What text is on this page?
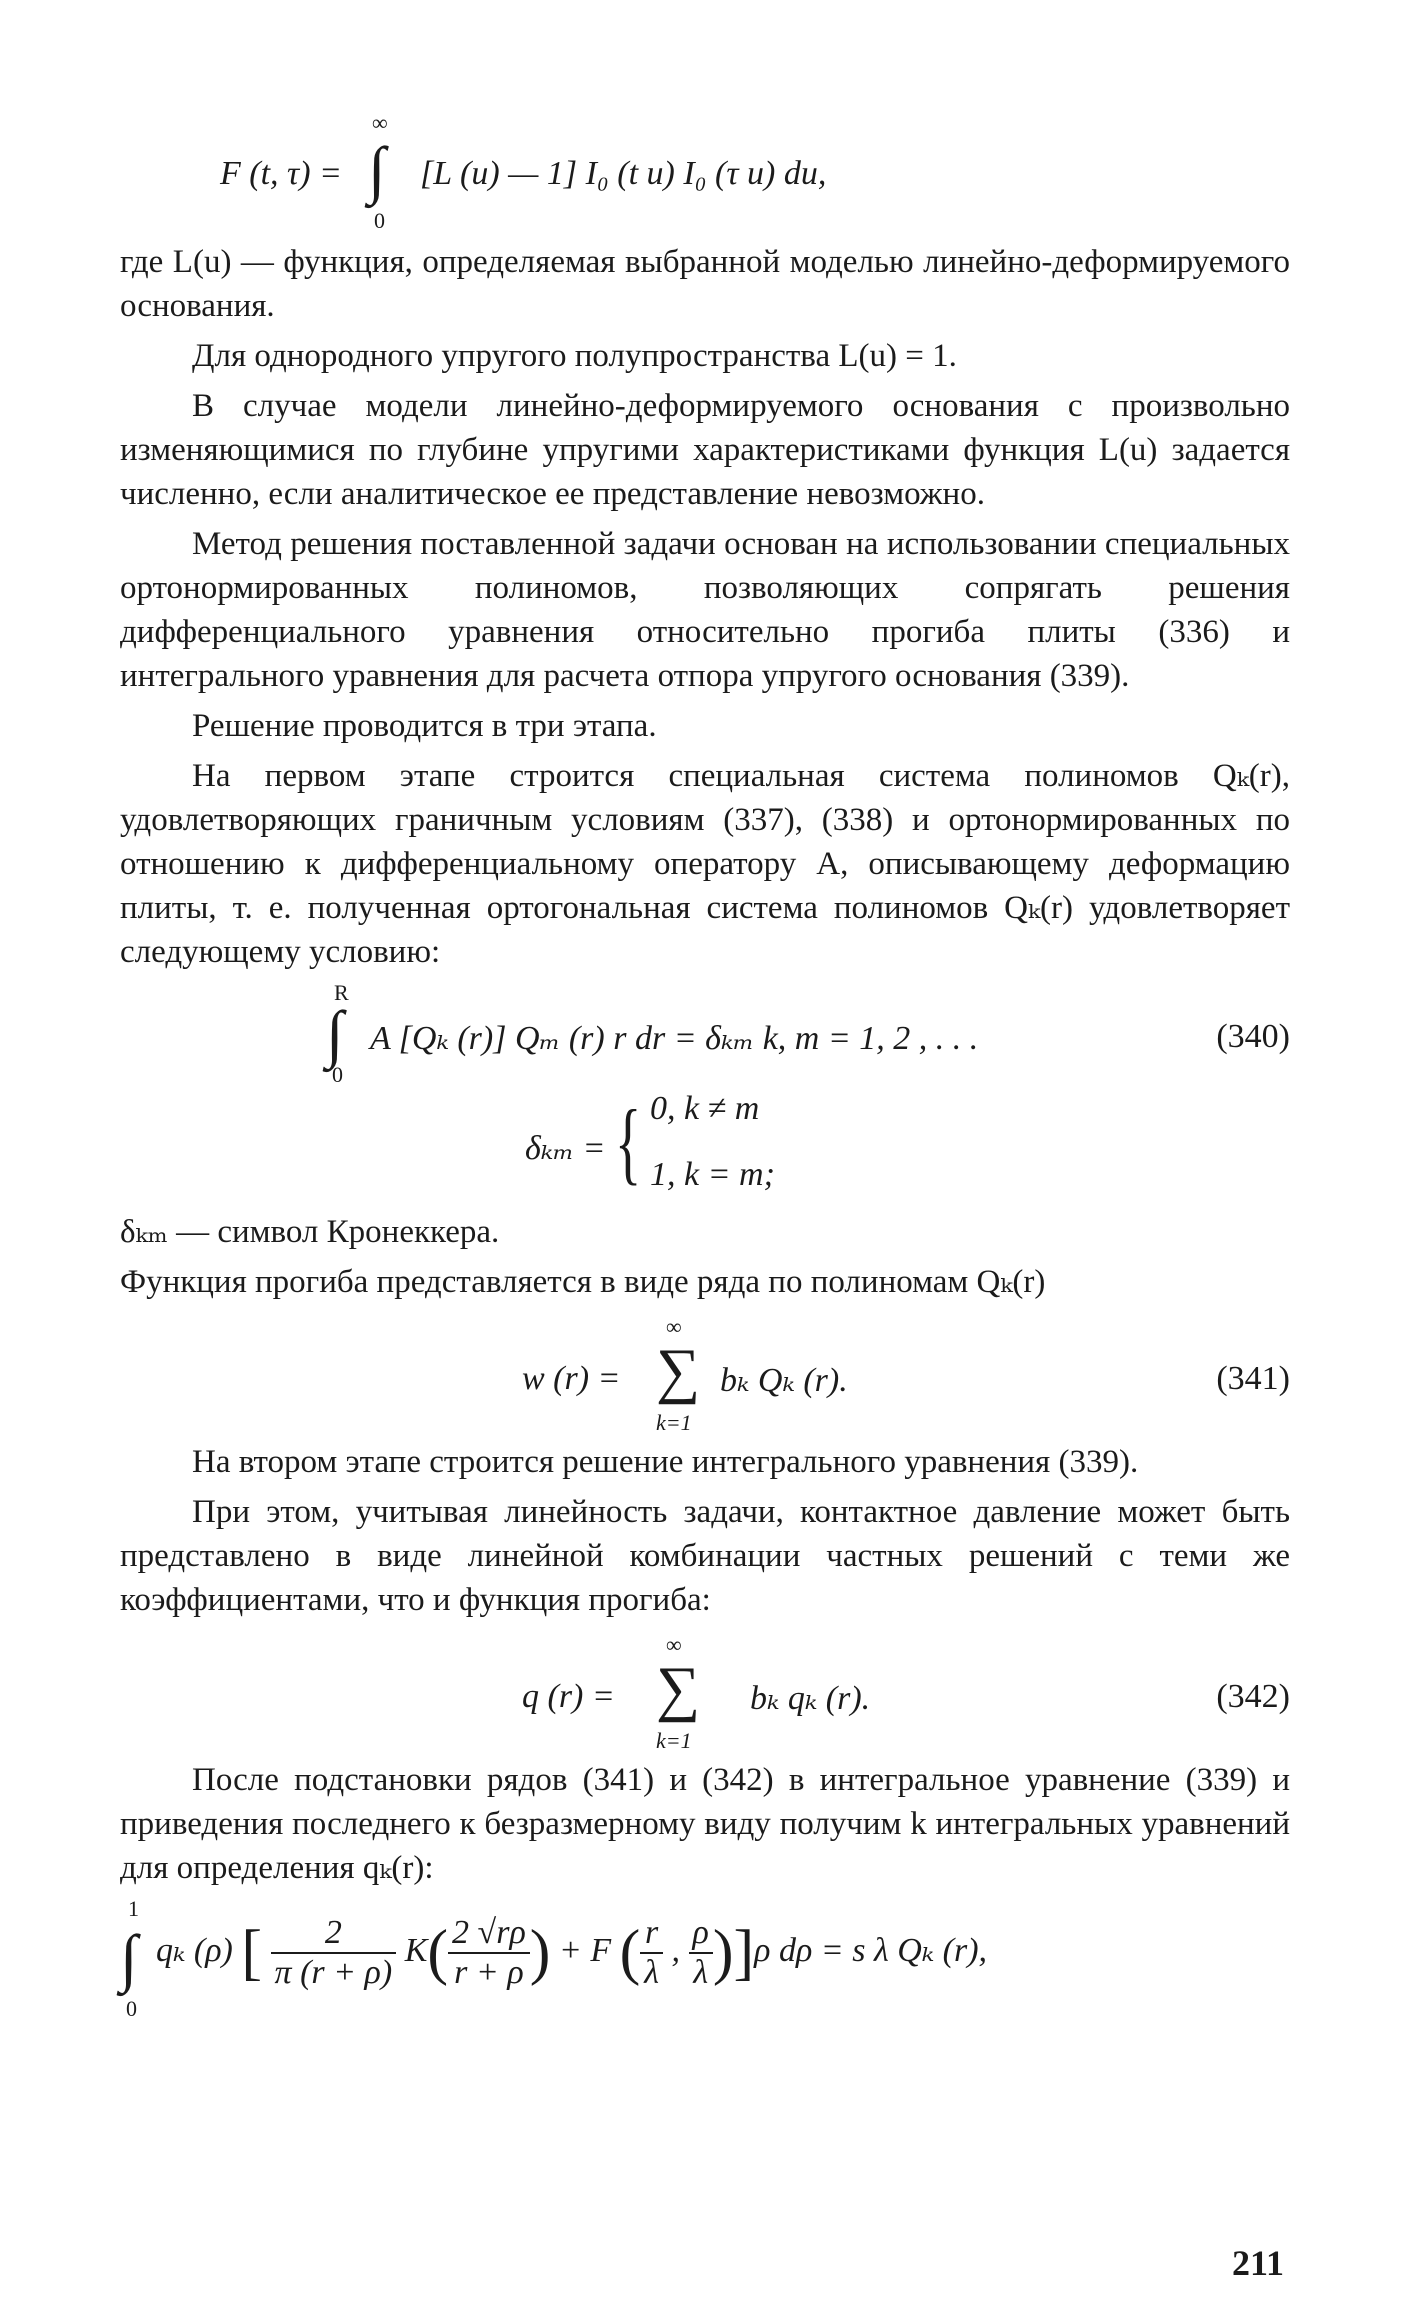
F (t, τ) =
∞
∫
0
[L (u) — 1] I₀ (t u) I₀ (τ u) du,

где L(u) — функция, определяемая выбранной моделью линейно-деформируемого основания.

Для однородного упругого полупространства L(u) = 1.

В случае модели линейно-деформируемого основания с произвольно изменяющимися по глубине упругими характеристиками функция L(u) задается численно, если аналитическое ее представление невозможно.

Метод решения поставленной задачи основан на использовании специальных ортонормированных полиномов, позволяющих сопрягать решения дифференциального уравнения относительно прогиба плиты (336) и интегрального уравнения для расчета отпора упругого основания (339).

Решение проводится в три этапа.

На первом этапе строится специальная система полиномов Qₖ(r), удовлетворяющих граничным условиям (337), (338) и ортонормированных по отношению к дифференциальному оператору A, описывающему деформацию плиты, т. е. полученная ортогональная система полиномов Qₖ(r) удовлетворяет следующему условию:

R
∫
0
A [Qₖ (r)] Qₘ (r) r dr = δₖₘ k, m = 1, 2 , . . .	(340)
δₖₘ = { 0, k ≠ m
1, k = m;

δₖₘ — символ Кронеккера.

Функция прогиба представляется в виде ряда по полиномам Qₖ(r)

w (r) =
∞
∑
k=1
bₖ Qₖ (r).	(341)

На втором этапе строится решение интегрального уравнения (339).

При этом, учитывая линейность задачи, контактное давление может быть представлено в виде линейной комбинации частных решений с теми же коэффициентами, что и функция прогиба:

q (r) =
∞
∑
k=1
bₖ qₖ (r).	(342)

После подстановки рядов (341) и (342) в интегральное уравнение (339) и приведения последнего к безразмерному виду получим k интегральных уравнений для определения qₖ(r):

1
∫
0
qₖ (ρ) [ $\frac{2}{\pi (r + \rho)} K( \frac{2 √r\rho}{r + \rho}$ ) + F ( $\frac{r}{\lambda}$ , $\frac{\rho}{\lambda} )]\rho$ dρ = s λ Qₖ (r),
211
